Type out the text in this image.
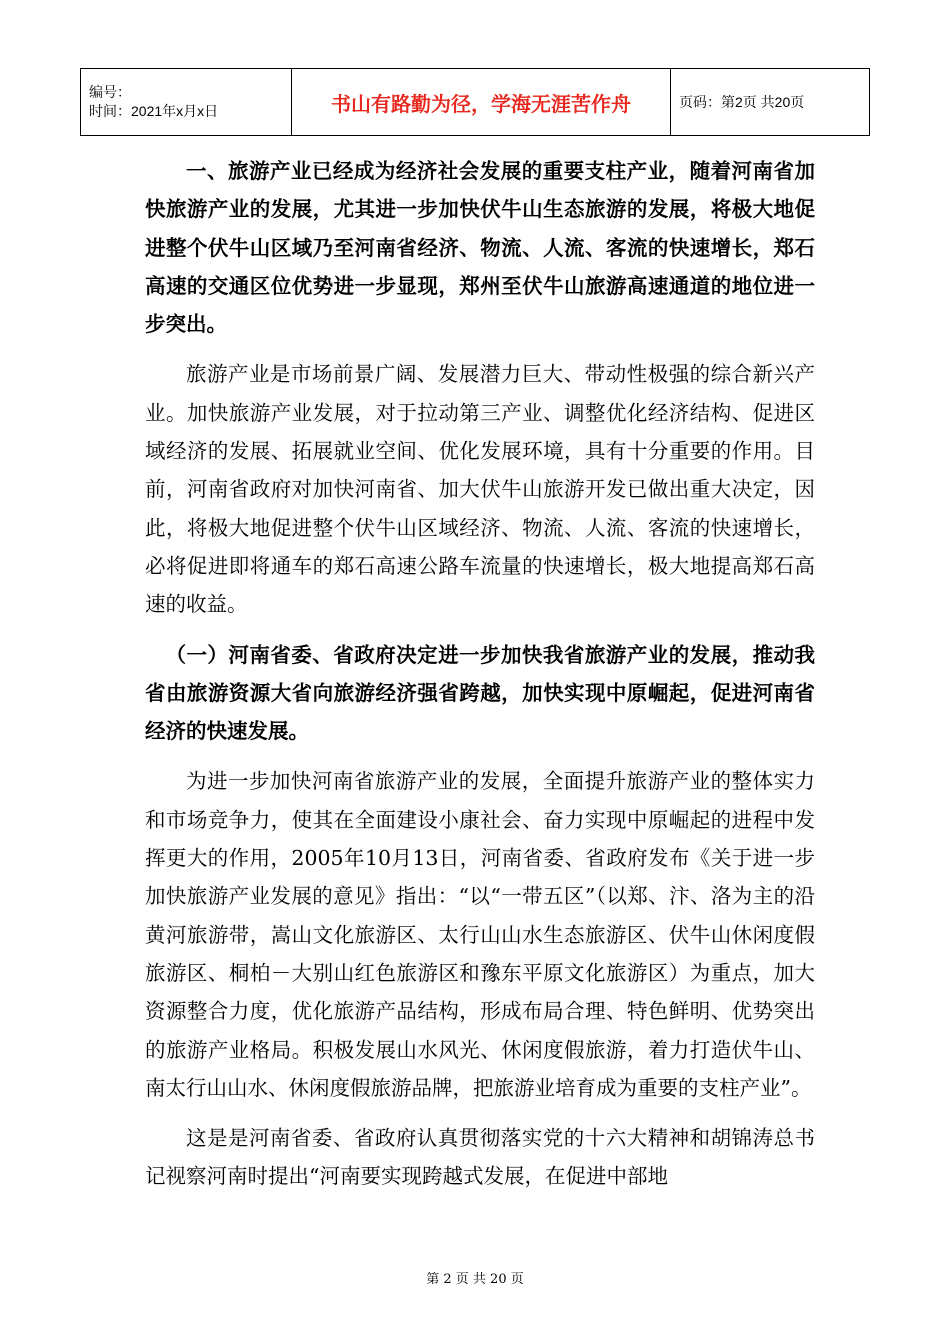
编号：
时间：2021年x月x日	书山有路勤为径，学海无涯苦作舟	页码：第2页 共20页

一、旅游产业已经成为经济社会发展的重要支柱产业，随着河南省加快旅游产业的发展，尤其进一步加快伏牛山生态旅游的发展，将极大地促进整个伏牛山区域乃至河南省经济、物流、人流、客流的快速增长，郑石高速的交通区位优势进一步显现，郑州至伏牛山旅游高速通道的地位进一步突出。

旅游产业是市场前景广阔、发展潜力巨大、带动性极强的综合新兴产业。加快旅游产业发展，对于拉动第三产业、调整优化经济结构、促进区域经济的发展、拓展就业空间、优化发展环境，具有十分重要的作用。目前，河南省政府对加快河南省、加大伏牛山旅游开发已做出重大决定，因此，将极大地促进整个伏牛山区域经济、物流、人流、客流的快速增长，必将促进即将通车的郑石高速公路车流量的快速增长，极大地提高郑石高速的收益。

（一）河南省委、省政府决定进一步加快我省旅游产业的发展，推动我省由旅游资源大省向旅游经济强省跨越，加快实现中原崛起，促进河南省经济的快速发展。

为进一步加快河南省旅游产业的发展，全面提升旅游产业的整体实力和市场竞争力，使其在全面建设小康社会、奋力实现中原崛起的进程中发挥更大的作用，2005年10月13日，河南省委、省政府发布《关于进一步加快旅游产业发展的意见》指出：“以“一带五区”（以郑、汴、洛为主的沿黄河旅游带，嵩山文化旅游区、太行山山水生态旅游区、伏牛山休闲度假旅游区、桐柏－大别山红色旅游区和豫东平原文化旅游区）为重点，加大资源整合力度，优化旅游产品结构，形成布局合理、特色鲜明、优势突出的旅游产业格局。积极发展山水风光、休闲度假旅游，着力打造伏牛山、南太行山山水、休闲度假旅游品牌，把旅游业培育成为重要的支柱产业”。

这是是河南省委、省政府认真贯彻落实党的十六大精神和胡锦涛总书记视察河南时提出“河南要实现跨越式发展，在促进中部地

第 2 页 共 20 页
